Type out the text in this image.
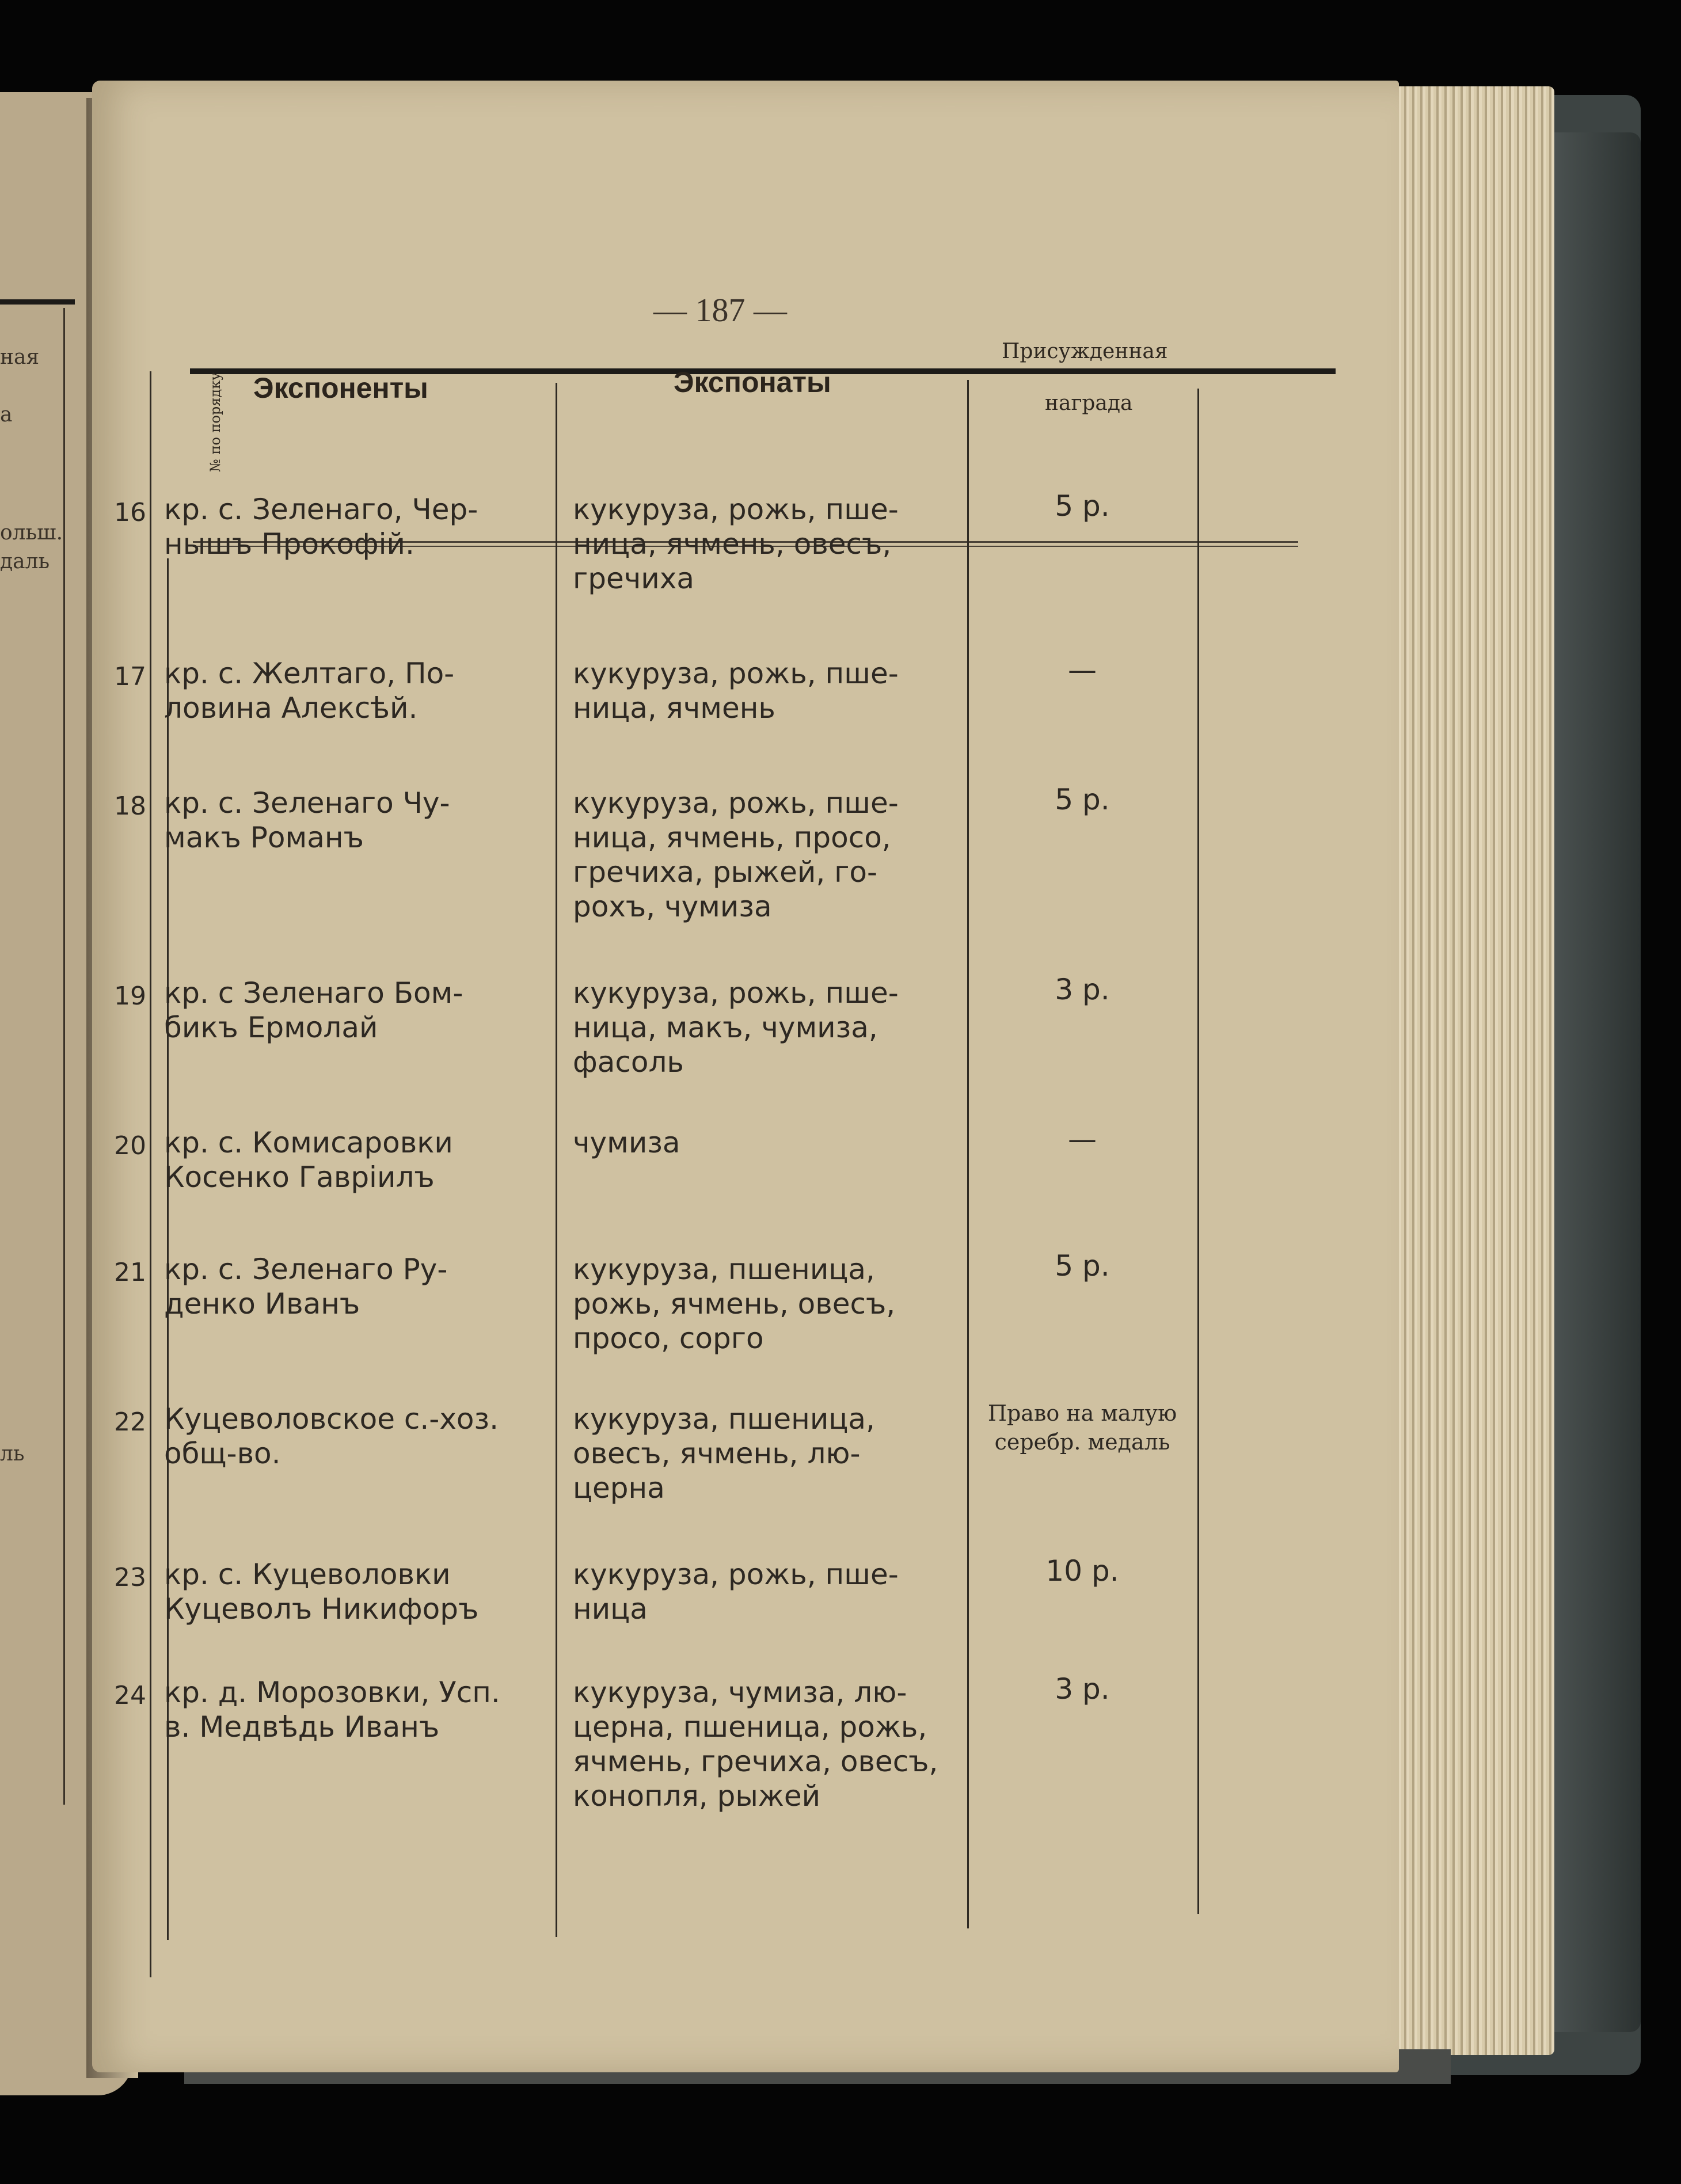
ная
а
ольш.
даль
ль
— 187 —
№ по порядку Экспоненты	Экспонаты
Присужденная
награда
16 кр. с. Зеленаго, Чер-
нышъ Прокофій.
кукуруза, рожь, пше-
ница, ячмень, овесъ,
гречиха
5 р.
17 кр. с. Желтаго, По-
ловина Алексѣй.
кукуруза, рожь, пше-
ница, ячмень
—
18 кр. с. Зеленаго Чу-
макъ Романъ
кукуруза, рожь, пше-
ница, ячмень, просо,
гречиха, рыжей, го-
рохъ, чумиза
5 р.
19 кр. с Зеленаго Бом-
бикъ Ермолай
кукуруза, рожь, пше-
ница, макъ, чумиза,
фасоль
3 р.
20 кр. с. Комисаровки
Косенко Гавріилъ
чумиза	—
21 кр. с. Зеленаго Ру-
денко Иванъ
кукуруза, пшеница,
рожь, ячмень, овесъ,
просо, сорго
5 р.
22 Куцеволовское с.-хоз.
общ-во.
кукуруза, пшеница,
овесъ, ячмень, лю-
церна
Право на малую
серебр. медаль
23 кр. с. Куцеволовки
Куцеволъ Никифоръ
кукуруза, рожь, пше-
ница
10 р.
24 кр. д. Морозовки, Усп.
в. Медвѣдь Иванъ
кукуруза, чумиза, лю-
церна, пшеница, рожь,
ячмень, гречиха, овесъ,
конопля, рыжей
3 р.
